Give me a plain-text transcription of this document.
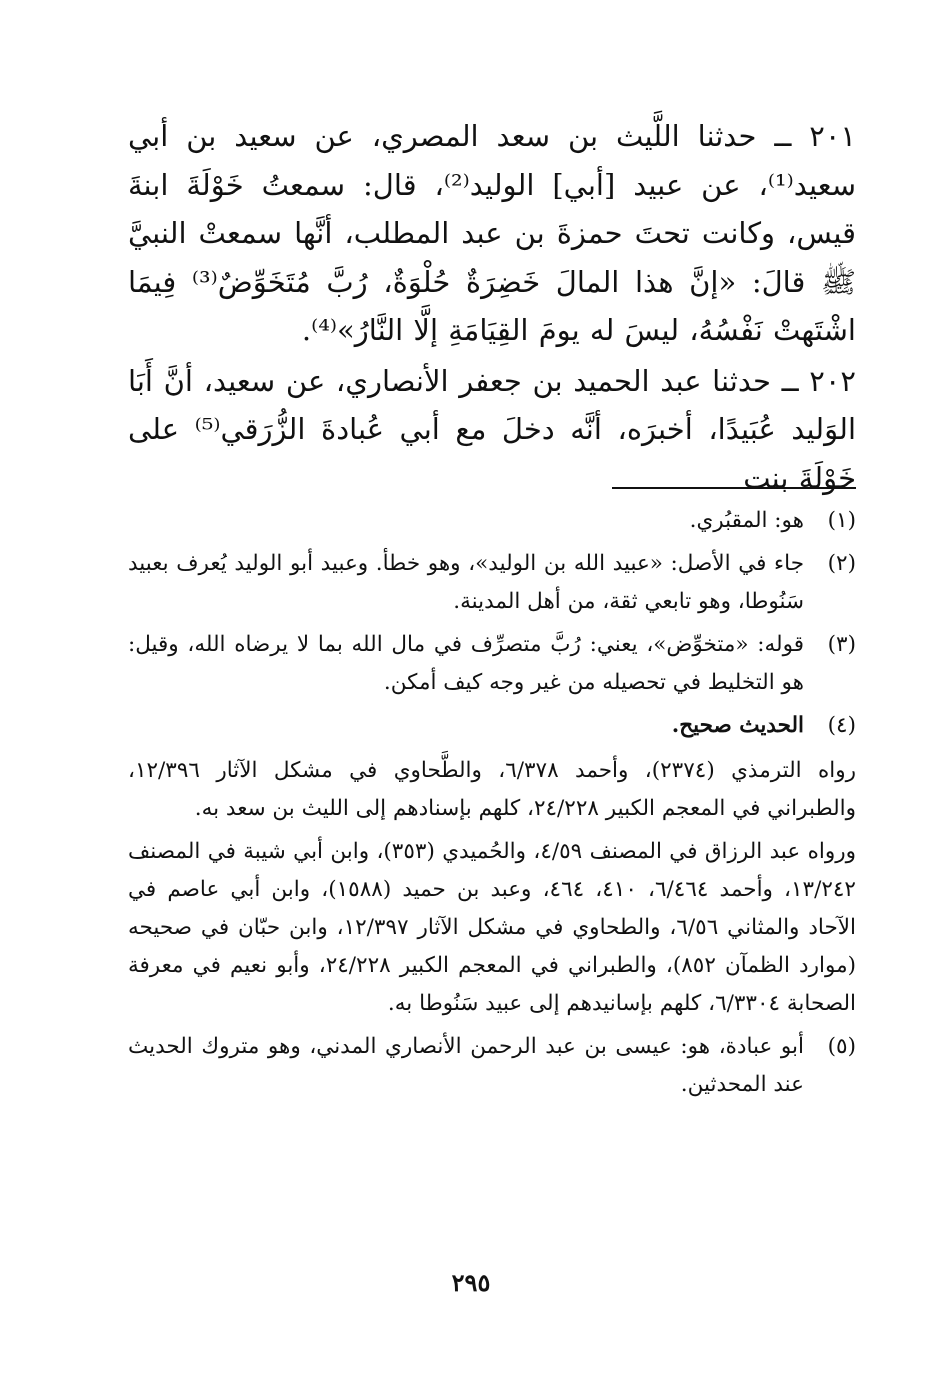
٢٠١ ــ حدثنا اللَّيث بن سعد المصري، عن سعيد بن أبي سعيد⁽¹⁾، عن عبيد [أبي] الوليد⁽²⁾، قال: سمعتُ خَوْلَةَ ابنةَ قيس، وكانت تحتَ حمزةَ بن عبد المطلب، أنَّها سمعتْ النبيَّ ﷺ قالَ: «إنَّ هذا المالَ خَضِرَةٌ حُلْوَةٌ، رُبَّ مُتَخَوِّضٌ⁽³⁾ فِيمَا اشْتَهتْ نَفْسُهُ، ليسَ له يومَ القِيَامَةِ إلَّا النَّارُ»⁽⁴⁾.

٢٠٢ ــ حدثنا عبد الحميد بن جعفر الأنصاري، عن سعيد، أنَّ أَبَا الوَليد عُبَيدًا، أخبرَه، أنَّه دخلَ مع أبي عُبادةَ الزُّرَقي⁽⁵⁾ على خَوْلَةَ بنت

(١)
هو: المقبُري.
(٢)
جاء في الأصل: «عبيد الله بن الوليد»، وهو خطأ. وعبيد أبو الوليد يُعرف بعبيد سَنُوطا، وهو تابعي ثقة، من أهل المدينة.
(٣)
قوله: «متخوِّض»، يعني: رُبَّ متصرِّف في مال الله بما لا يرضاه الله، وقيل: هو التخليط في تحصيله من غير وجه كيف أمكن.
(٤)
الحديث صحيح.
رواه الترمذي (٢٣٧٤)، وأحمد ٦/٣٧٨، والطَّحاوي في مشكل الآثار ١٢/٣٩٦، والطبراني في المعجم الكبير ٢٤/٢٢٨، كلهم بإسنادهم إلى الليث بن سعد به.
ورواه عبد الرزاق في المصنف ٤/٥٩، والحُميدي (٣٥٣)، وابن أبي شيبة في المصنف ١٣/٢٤٢، وأحمد ٦/٤٦٤، ٤١٠، ٤٦٤، وعبد بن حميد (١٥٨٨)، وابن أبي عاصم في الآحاد والمثاني ٦/٥٦، والطحاوي في مشكل الآثار ١٢/٣٩٧، وابن حبّان في صحيحه (موارد الظمآن ٨٥٢)، والطبراني في المعجم الكبير ٢٤/٢٢٨، وأبو نعيم في معرفة الصحابة ٦/٣٣٠٤، كلهم بإسانيدهم إلى عبيد سَنُوطا به.
(٥)
أبو عبادة، هو: عيسى بن عبد الرحمن الأنصاري المدني، وهو متروك الحديث عند المحدثين.
٢٩٥
